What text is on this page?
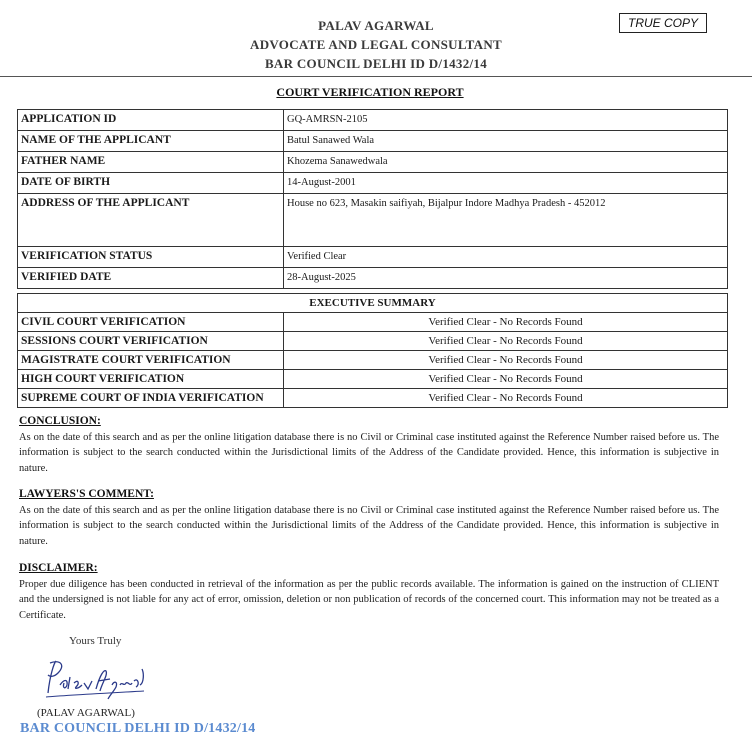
PALAV AGARWAL
ADVOCATE AND LEGAL CONSULTANT
BAR COUNCIL DELHI ID D/1432/14
TRUE COPY
COURT VERIFICATION REPORT
APPLICATION ID	GQ-AMRSN-2105
NAME OF THE APPLICANT	Batul Sanawed Wala
FATHER NAME	Khozema Sanawedwala
DATE OF BIRTH	14-August-2001
ADDRESS OF THE APPLICANT	House no 623, Masakin saifiyah, Bijalpur Indore Madhya Pradesh - 452012
VERIFICATION STATUS	Verified Clear
VERIFIED DATE	28-August-2025
EXECUTIVE SUMMARY	
CIVIL COURT VERIFICATION	Verified Clear - No Records Found
SESSIONS COURT VERIFICATION	Verified Clear - No Records Found
MAGISTRATE COURT VERIFICATION	Verified Clear - No Records Found
HIGH COURT VERIFICATION	Verified Clear - No Records Found
SUPREME COURT OF INDIA VERIFICATION	Verified Clear - No Records Found
CONCLUSION:
As on the date of this search and as per the online litigation database there is no Civil or Criminal case instituted against the Reference Number raised before us. The information is subject to the search conducted within the Jurisdictional limits of the Address of the Candidate provided. Hence, this information is subjective in nature.
LAWYERS'S COMMENT:
As on the date of this search and as per the online litigation database there is no Civil or Criminal case instituted against the Reference Number raised before us. The information is subject to the search conducted within the Jurisdictional limits of the Address of the Candidate provided. Hence, this information is subjective in nature.
DISCLAIMER:
Proper due diligence has been conducted in retrieval of the information as per the public records available. The information is gained on the instruction of CLIENT and the undersigned is not liable for any act of error, omission, deletion or non publication of records of the concerned court. This information may not be treated as a Certificate.
Yours Truly
(PALAV AGARWAL)
BAR COUNCIL DELHI ID D/1432/14
